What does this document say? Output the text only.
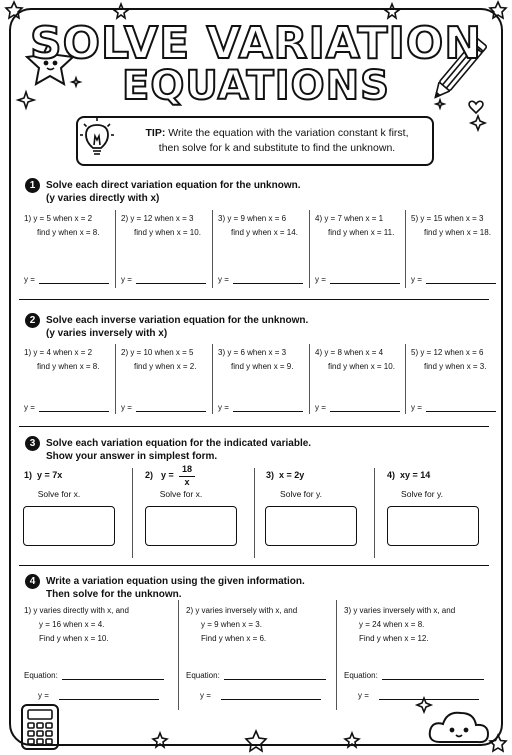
SOLVE VARIATION
EQUATIONS
TIP: Write the equation with the variation constant k first,
then solve for k and substitute to find the unknown.
1	Solve each direct variation equation for the unknown.
(y varies directly with x)
1) y = 5 when x = 2
find y when x = 8.
y =
2) y = 12 when x = 3
find y when x = 10.
y =
3) y = 9 when x = 6
find y when x = 14.
y =
4) y = 7 when x = 1
find y when x = 11.
y =
5) y = 15 when x = 3
find y when x = 18.
y =
2	Solve each inverse variation equation for the unknown.
(y varies inversely with x)
1) y = 4 when x = 2
find y when x = 8.
y =
2) y = 10 when x = 5
find y when x = 2.
y =
3) y = 6 when x = 3
find y when x = 9.
y =
4) y = 8 when x = 4
find y when x = 10.
y =
5) y = 12 when x = 6
find y when x = 3.
y =
3	Solve each variation equation for the indicated variable.
Show your answer in simplest form.
1) y = 7x
Solve for x.
2) y =
18
x
Solve for x.
3) x = 2y
Solve for y.
4) xy = 14
Solve for y.
4	Write a variation equation using the given information.
Then solve for the unknown.
1) y varies directly with x, and
y = 16 when x = 4.
Find y when x = 10.
Equation:
y =
2) y varies inversely with x, and
y = 9 when x = 3.
Find y when x = 6.
Equation:
y =
3) y varies inversely with x, and
y = 24 when x = 8.
Find y when x = 12.
Equation:
y =
